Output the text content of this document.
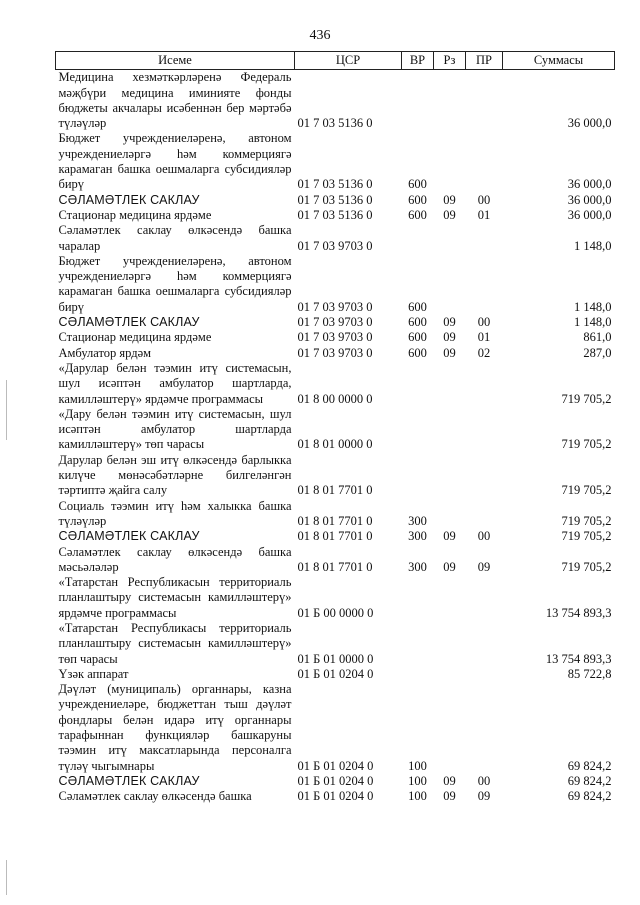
436
Исеме	ЦСР	ВР	Рз	ПР	Суммасы
Медицина хезмәткәрләренә Федераль мәҗбүри медицина иминияте фонды бюджеты акчалары исәбеннән бер мәртәбә түләүләр	01 7 03 5136 0				36 000,0
Бюджет учреждениеләренә, автоном учреждениеләргә һәм коммерциягә карамаган башка оешмаларга субсидияләр бирү	01 7 03 5136 0	600			36 000,0
СӘЛАМӘТЛЕК САКЛАУ	01 7 03 5136 0	600	09	00	36 000,0
Стационар медицина ярдәме	01 7 03 5136 0	600	09	01	36 000,0
Сәламәтлек саклау өлкәсендә башка чаралар	01 7 03 9703 0				1 148,0
Бюджет учреждениеләренә, автоном учреждениеләргә һәм коммерциягә карамаган башка оешмаларга субсидияләр бирү	01 7 03 9703 0	600			1 148,0
СӘЛАМӘТЛЕК САКЛАУ	01 7 03 9703 0	600	09	00	1 148,0
Стационар медицина ярдәме	01 7 03 9703 0	600	09	01	861,0
Амбулатор ярдәм	01 7 03 9703 0	600	09	02	287,0
«Дарулар белән тәэмин итү системасын, шул исәптән амбулатор шартларда, камилләштерү» ярдәмче программасы	01 8 00 0000 0				719 705,2
«Дару белән тәэмин итү системасын, шул исәптән амбулатор шартларда камилләштерү» төп чарасы	01 8 01 0000 0				719 705,2
Дарулар белән эш итү өлкәсендә барлыкка килүче мөнәсәбәтләрне билгеләнгән тәртиптә җайга салу	01 8 01 7701 0				719 705,2
Социаль тәэмин итү һәм халыкка башка түләүләр	01 8 01 7701 0	300			719 705,2
СӘЛАМӘТЛЕК САКЛАУ	01 8 01 7701 0	300	09	00	719 705,2
Сәламәтлек саклау өлкәсендә башка мәсьәләләр	01 8 01 7701 0	300	09	09	719 705,2
«Татарстан Республикасын территориаль планлаштыру системасын камилләштерү» ярдәмче программасы	01 Б 00 0000 0				13 754 893,3
«Татарстан Республикасы территориаль планлаштыру системасын камилләштерү» төп чарасы	01 Б 01 0000 0				13 754 893,3
Үзәк аппарат	01 Б 01 0204 0				85 722,8
Дәүләт (муниципаль) органнары, казна учреждениеләре, бюджеттан тыш дәүләт фондлары белән идарә итү органнары тарафыннан функцияләр башкаруны тәэмин итү максатларында персоналга түләү чыгымнары	01 Б 01 0204 0	100			69 824,2
СӘЛАМӘТЛЕК САКЛАУ	01 Б 01 0204 0	100	09	00	69 824,2
Сәламәтлек саклау өлкәсендә башка	01 Б 01 0204 0	100	09	09	69 824,2
